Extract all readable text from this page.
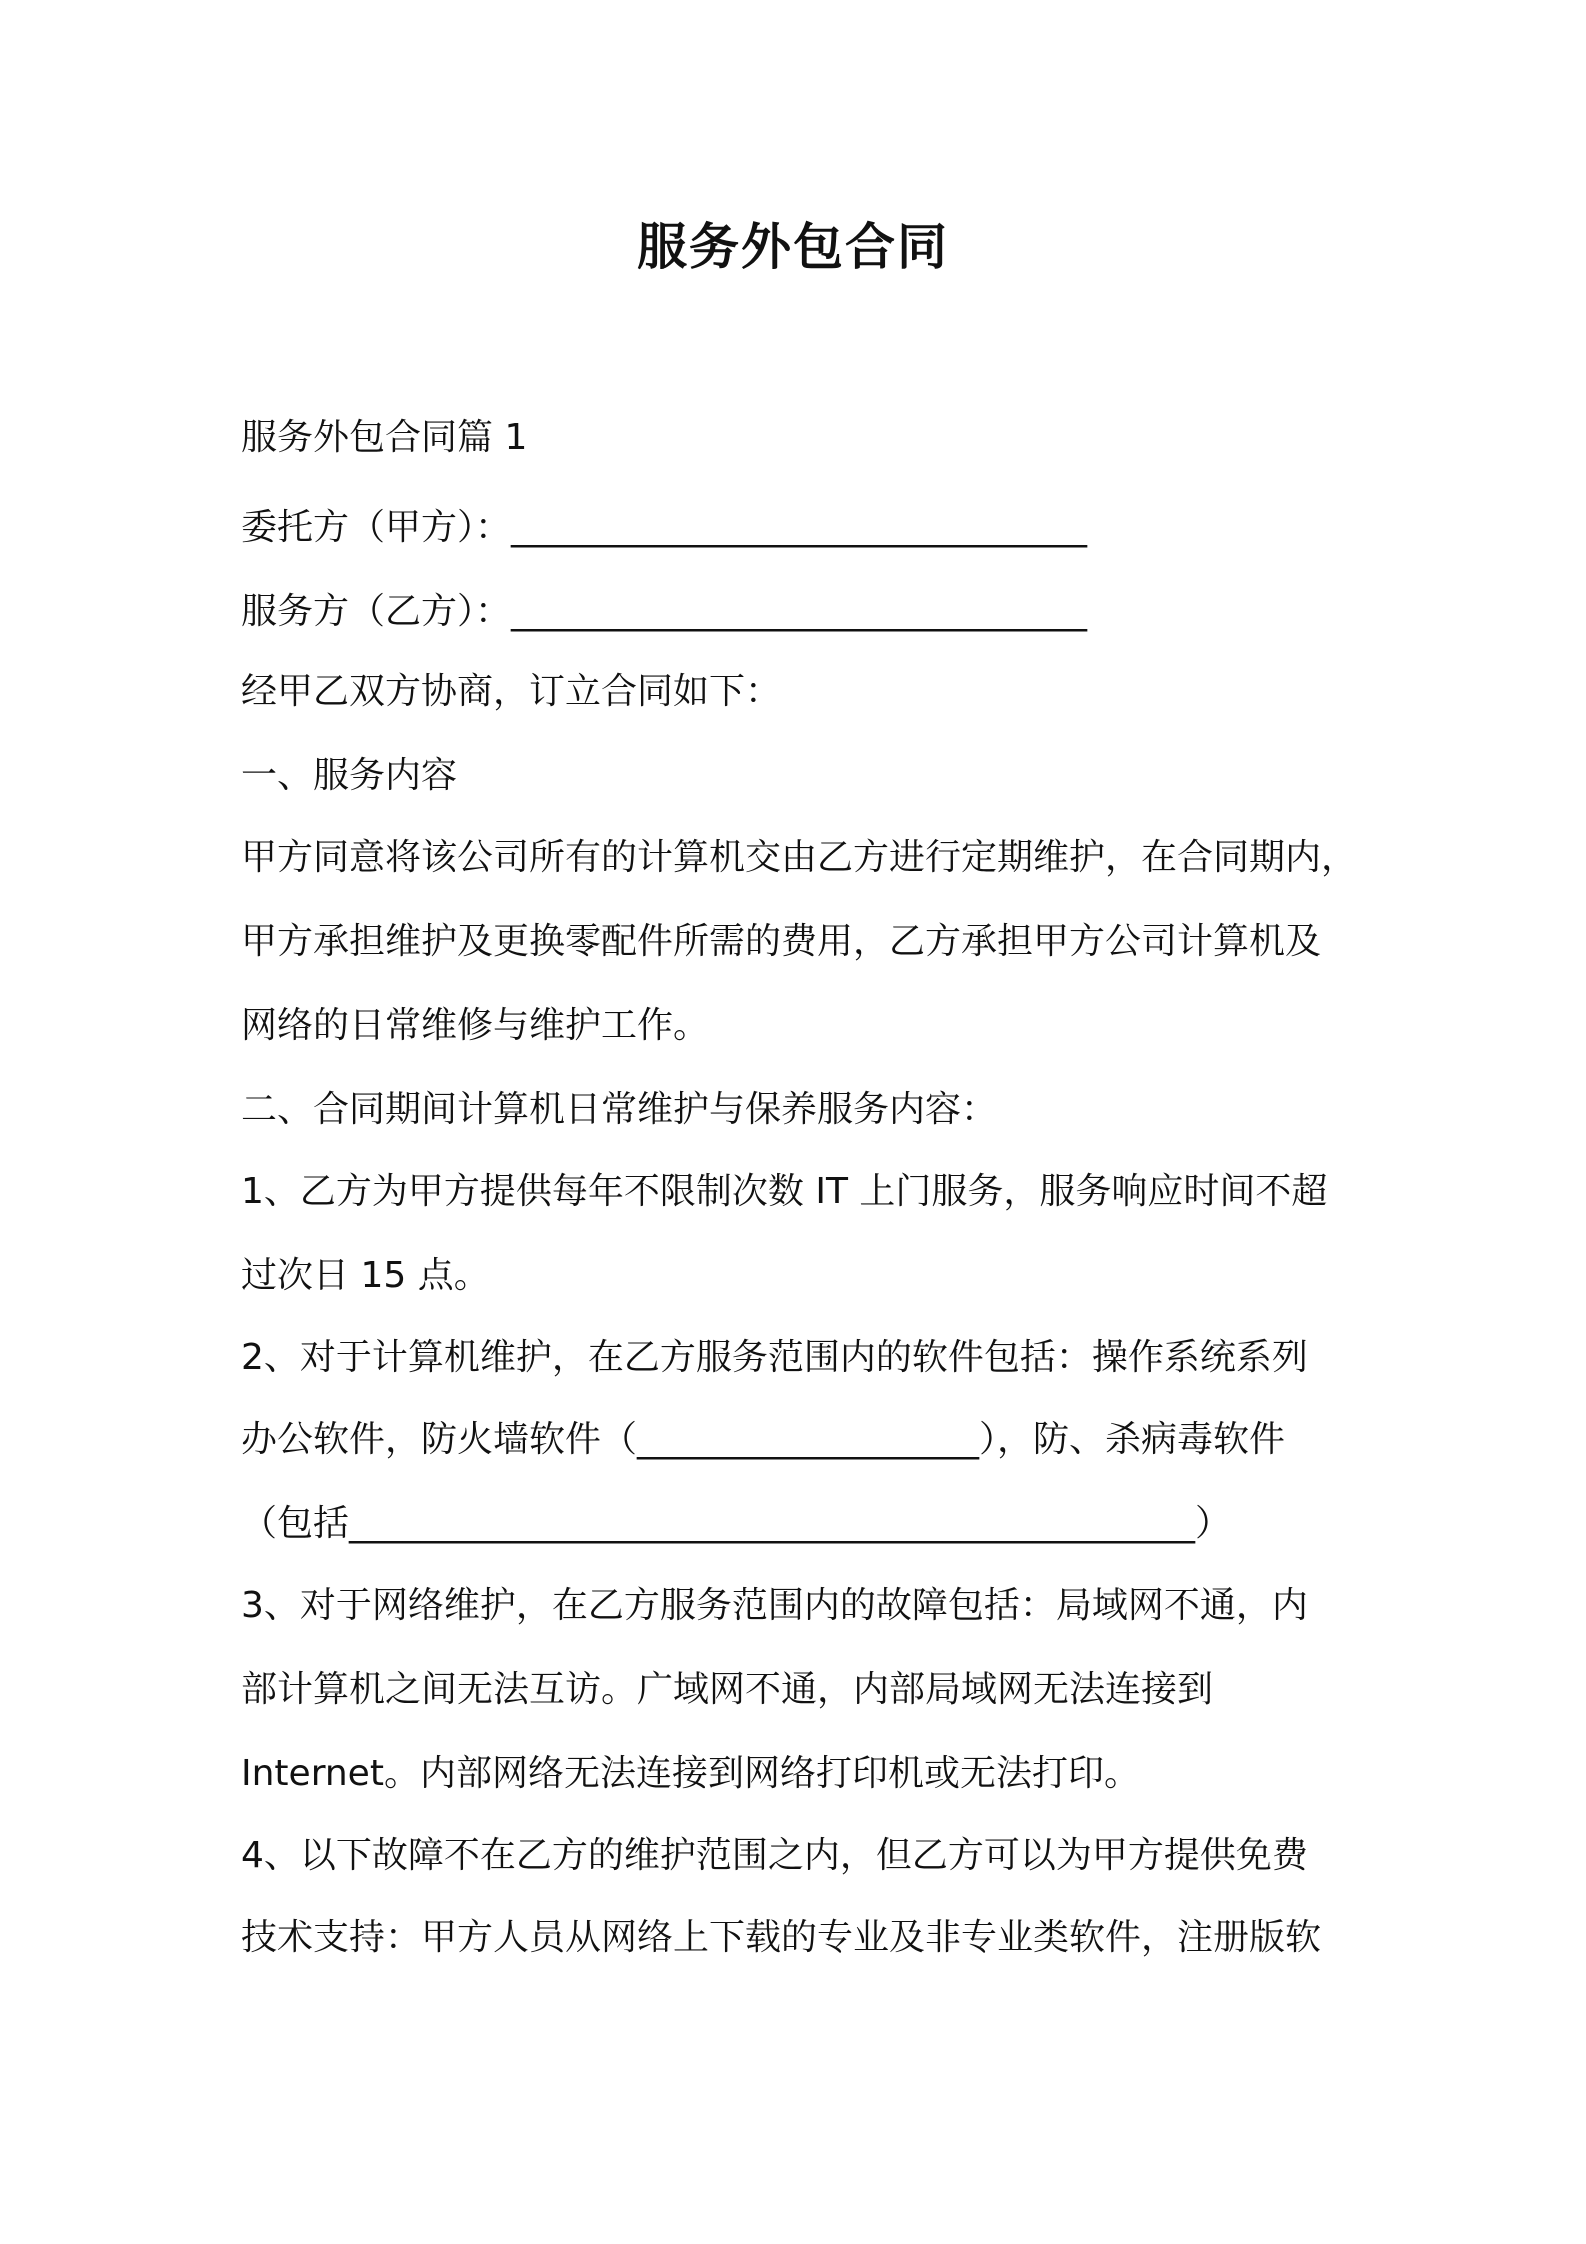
服务外包合同
服务外包合同篇 1
委托方（甲方）：________________________________
服务方（乙方）：________________________________
经甲乙双方协商，订立合同如下：
一、服务内容
甲方同意将该公司所有的计算机交由乙方进行定期维护，在合同期内，
甲方承担维护及更换零配件所需的费用，乙方承担甲方公司计算机及
网络的日常维修与维护工作。
二、合同期间计算机日常维护与保养服务内容：
1、乙方为甲方提供每年不限制次数 IT 上门服务，服务响应时间不超
过次日 15 点。
2、对于计算机维护，在乙方服务范围内的软件包括：操作系统系列
办公软件，防火墙软件（___________________），防、杀病毒软件
（包括_______________________________________________）
3、对于网络维护，在乙方服务范围内的故障包括：局域网不通，内
部计算机之间无法互访。广域网不通，内部局域网无法连接到
Internet。内部网络无法连接到网络打印机或无法打印。
4、以下故障不在乙方的维护范围之内，但乙方可以为甲方提供免费
技术支持：甲方人员从网络上下载的专业及非专业类软件，注册版软
